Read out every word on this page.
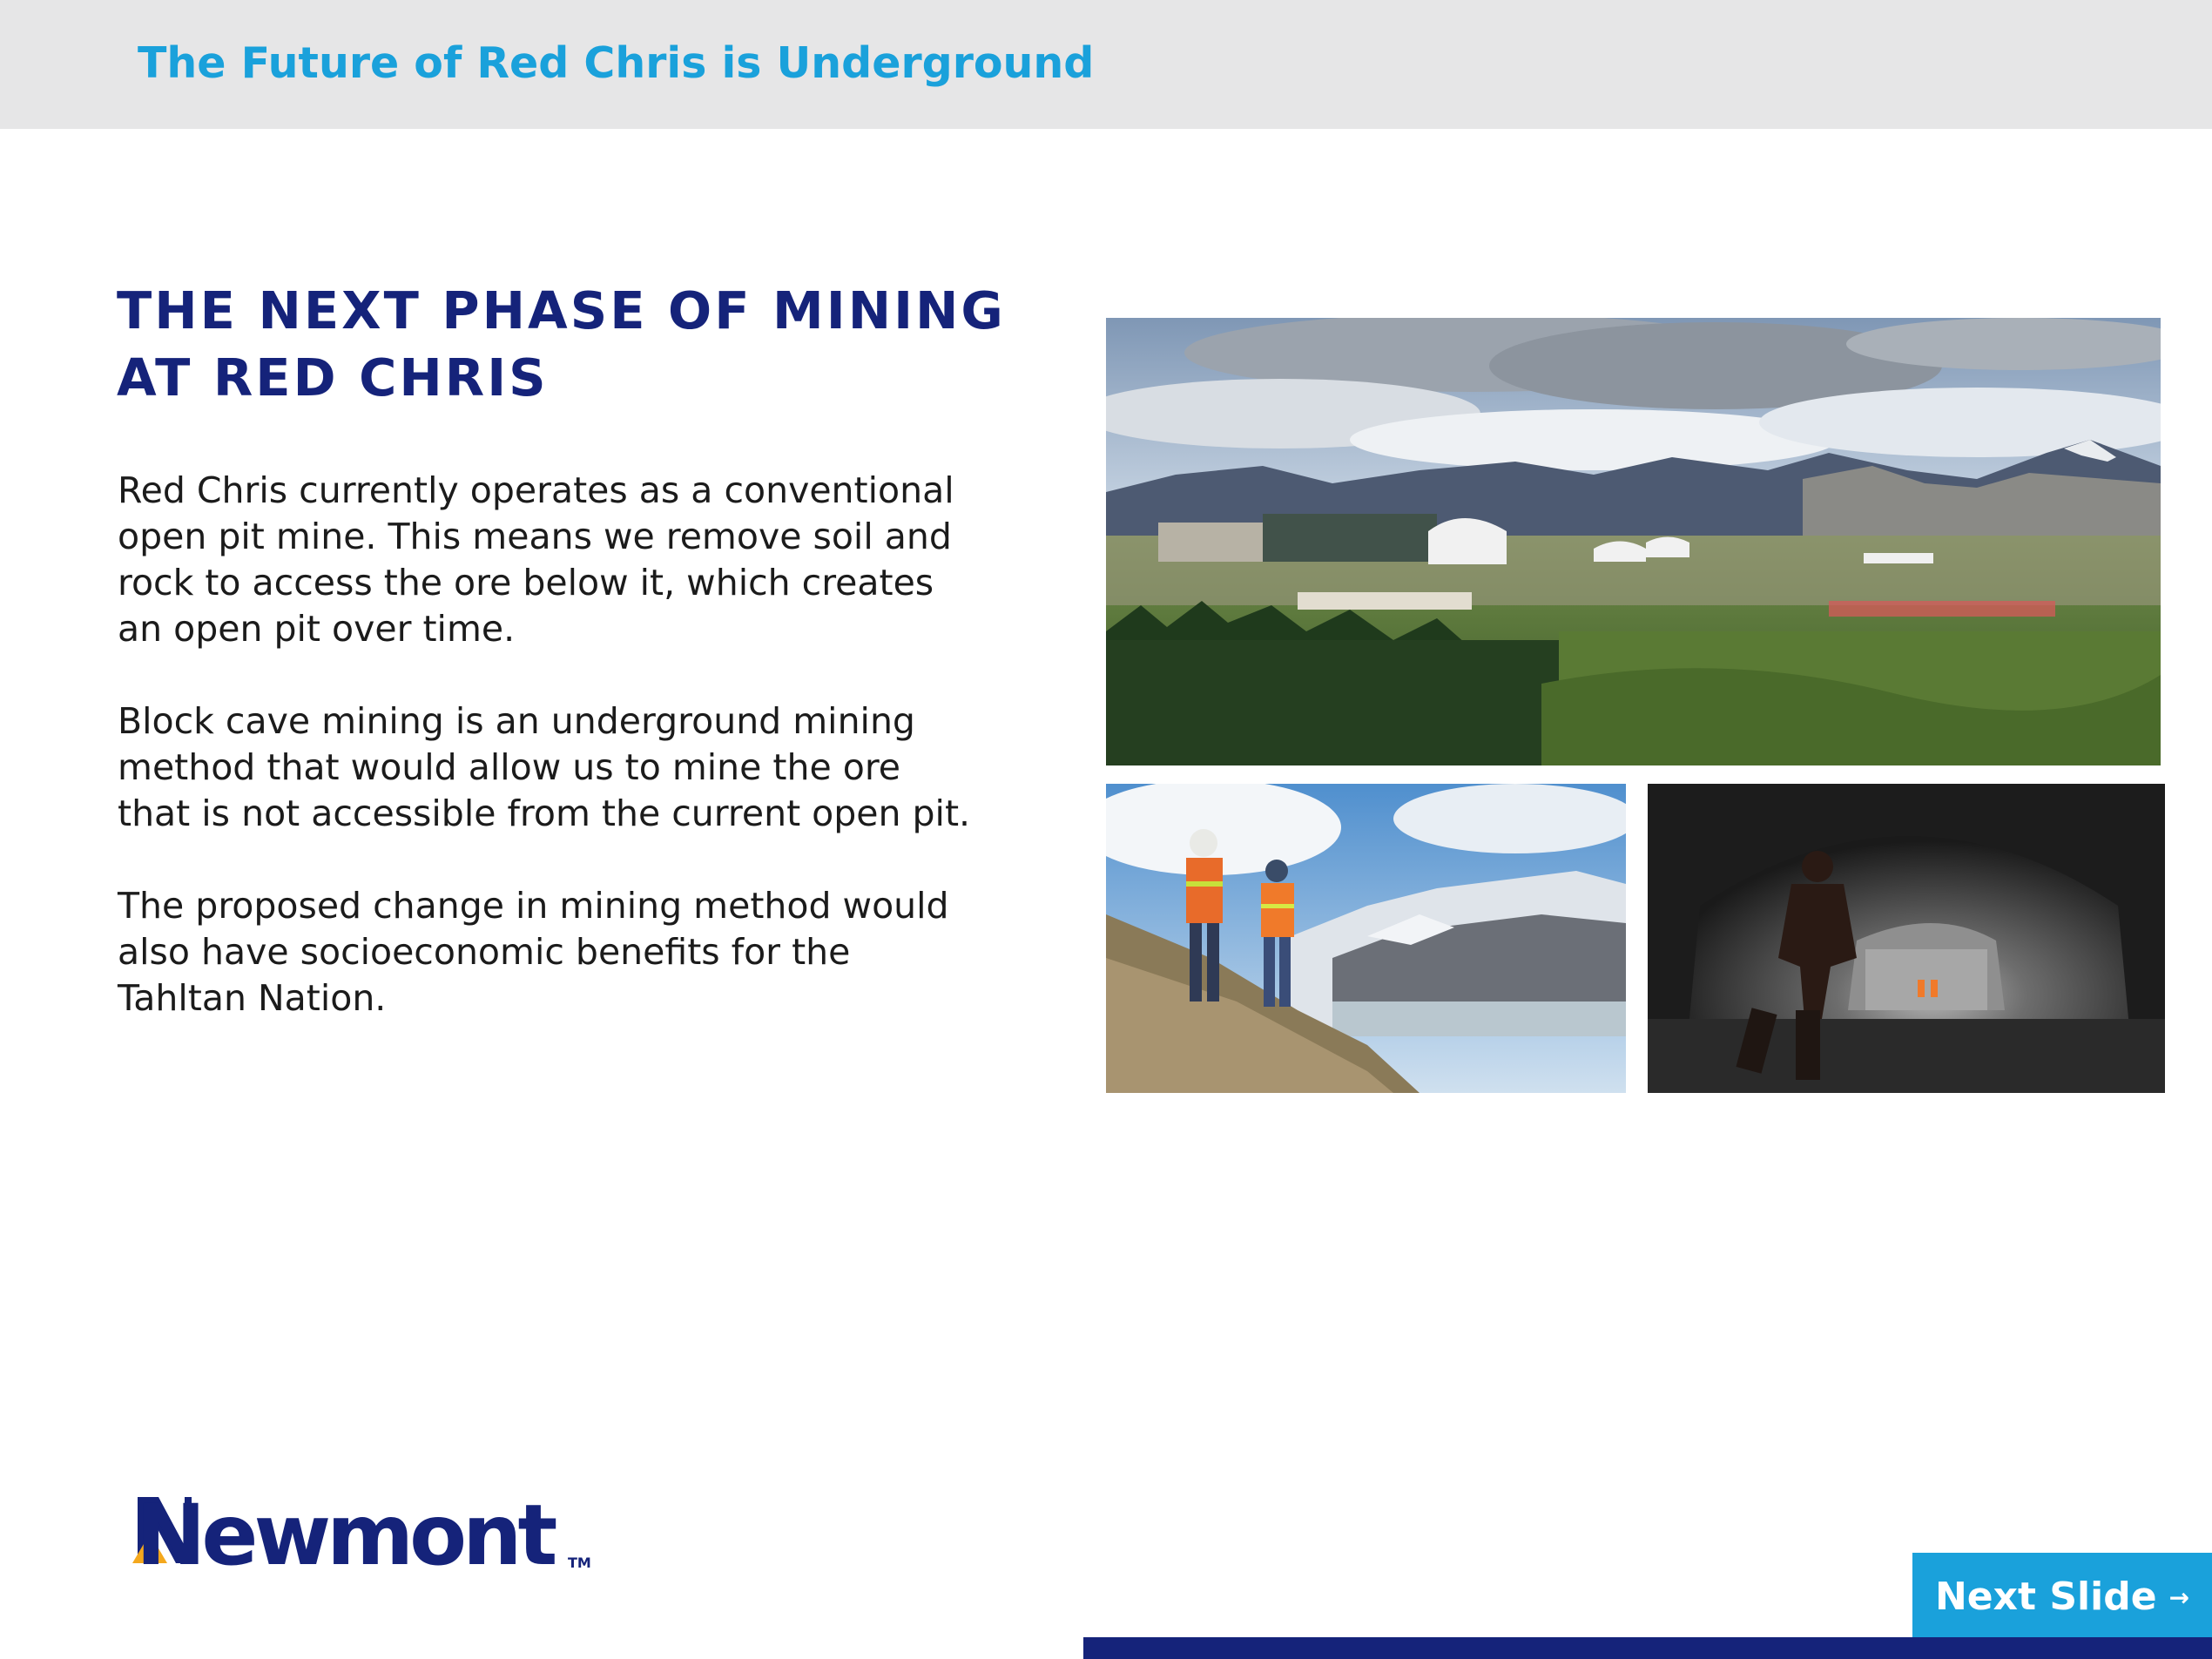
The Future of Red Chris is Underground
THE NEXT PHASE OF MINING AT RED CHRIS

Red Chris currently operates as a conventional open pit mine. This means we remove soil and rock to access the ore below it, which creates an open pit over time.

Block cave mining is an underground mining method that would allow us to mine the ore that is not accessible from the current open pit.

The proposed change in mining method would also have socioeconomic benefits for the Tahltan Nation.

Newmont TM
Next Slide →
